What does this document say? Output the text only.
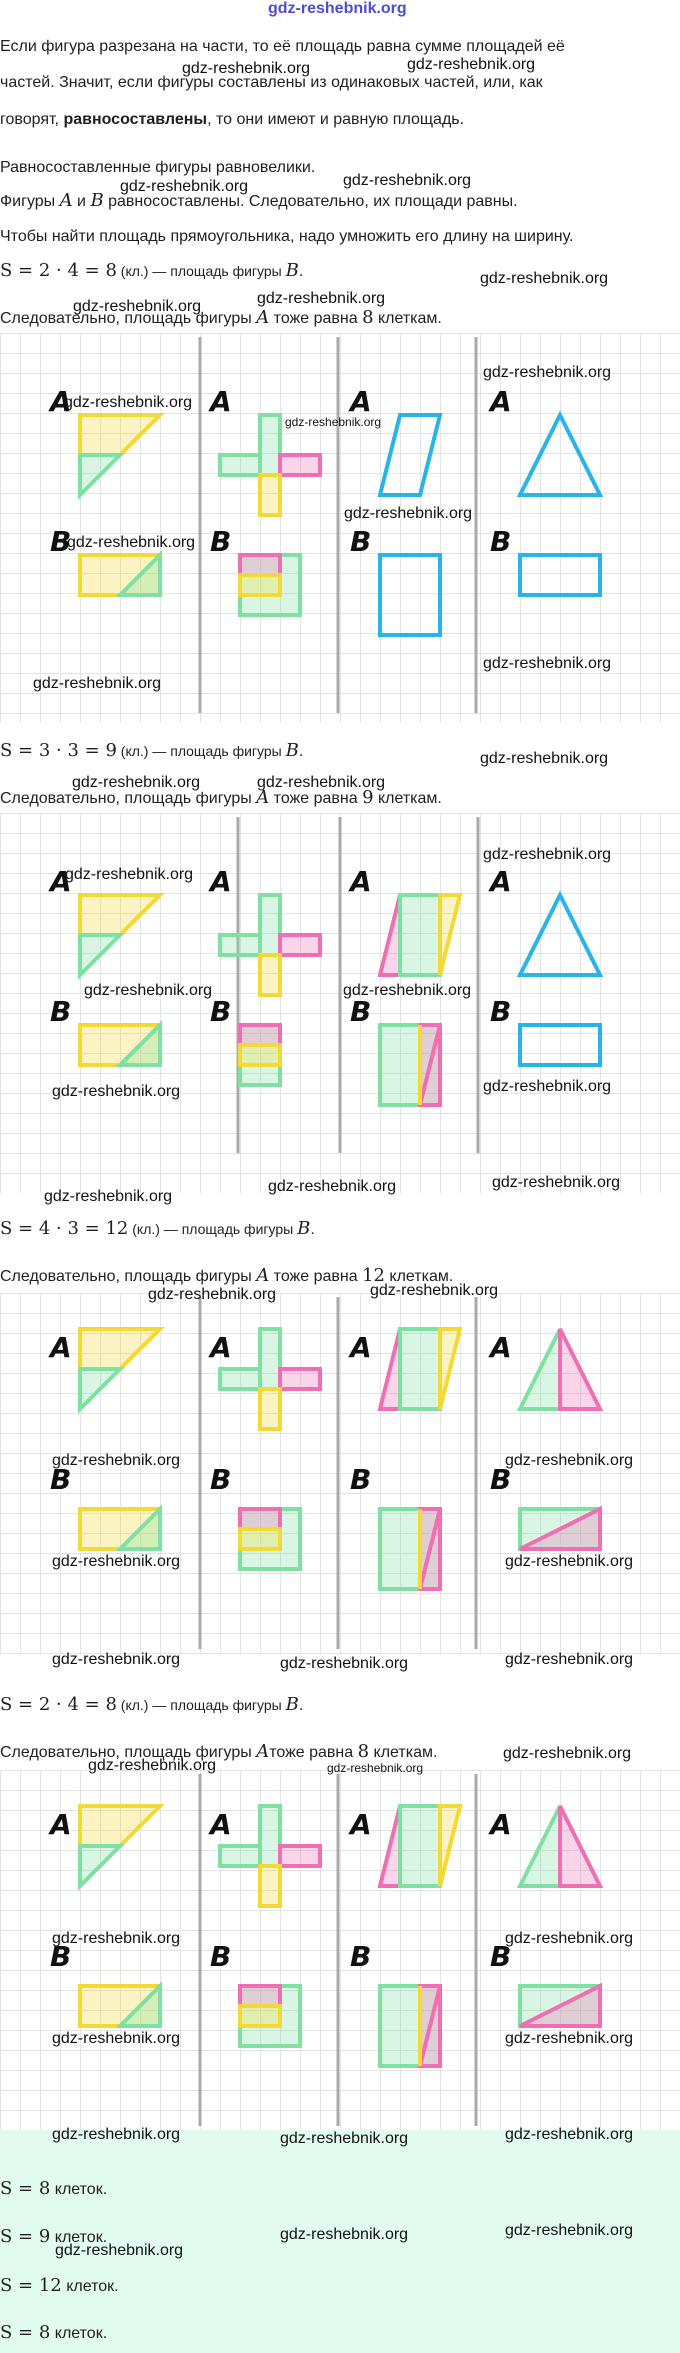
gdz-reshebnik.org
Если фигура разрезана на части, то её площадь равна сумме площадей её
частей. Значит, если фигуры составлены из одинаковых частей, или, как
говорят, равносоставлены, то они имеют и равную площадь.
Равносоставленные фигуры равновелики.
Фигуры A и B равносоставлены. Следовательно, их площади равны.
Чтобы найти площадь прямоугольника, надо умножить его длину на ширину.
S = 2 · 4 = 8 (кл.) — площадь фигуры B.
Следовательно, площадь фигуры A тоже равна 8 клеткам.
A	A	A	A
B	B	B	B
S = 3 · 3 = 9 (кл.) — площадь фигуры B.
Следовательно, площадь фигуры A тоже равна 9 клеткам.
A	A	A	A
B	B	B	B
S = 4 · 3 = 12 (кл.) — площадь фигуры B.
Следовательно, площадь фигуры A тоже равна 12 клеткам.
A	A	A	A
B	B	B	B
S = 2 · 4 = 8 (кл.) — площадь фигуры B.
Следовательно, площадь фигуры Aтоже равна 8 клеткам.
A	A	A	A
B	B	B	B
S = 8 клеток.
S = 9 клеток.
S = 12 клеток.
S = 8 клеток.
gdz-reshebnik.org	gdz-reshebnik.org
gdz-reshebnik.org	gdz-reshebnik.org
gdz-reshebnik.org	gdz-reshebnik.org
gdz-reshebnik.org
gdz-reshebnik.org
gdz-reshebnik.org
gdz-reshebnik.org
gdz-reshebnik.org
gdz-reshebnik.org
gdz-reshebnik.org
gdz-reshebnik.org
gdz-reshebnik.org
gdz-reshebnik.org	gdz-reshebnik.org
gdz-reshebnik.org
gdz-reshebnik.org
gdz-reshebnik.org	gdz-reshebnik.org
gdz-reshebnik.org	gdz-reshebnik.org
gdz-reshebnik.org
gdz-reshebnik.org	gdz-reshebnik.org
gdz-reshebnik.org	gdz-reshebnik.org
gdz-reshebnik.org	gdz-reshebnik.org
gdz-reshebnik.org	gdz-reshebnik.org
gdz-reshebnik.org	gdz-reshebnik.org	gdz-reshebnik.org
gdz-reshebnik.org
gdz-reshebnik.org	gdz-reshebnik.org
gdz-reshebnik.org	gdz-reshebnik.org
gdz-reshebnik.org	gdz-reshebnik.org
gdz-reshebnik.org	gdz-reshebnik.org	gdz-reshebnik.org
gdz-reshebnik.org	gdz-reshebnik.org
gdz-reshebnik.org
